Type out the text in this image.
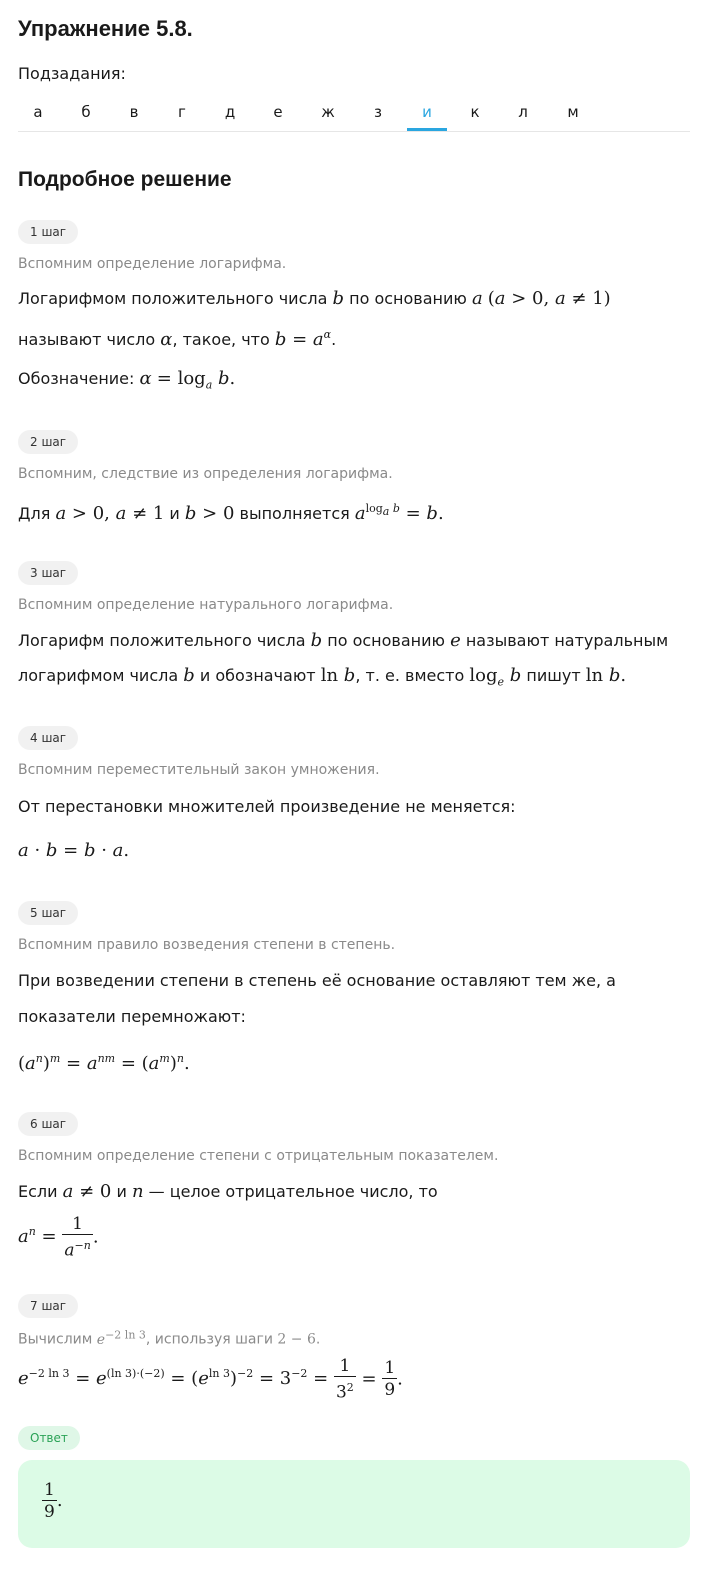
Упражнение 5.8.
Подзадания:
а	б	в	г	д	е	ж	з	и	к	л	м
Подробное решение
1 шаг
Вспомним определение логарифма.
Логарифмом положительного числа b по основанию a (a > 0, a ≠ 1)
называют число α, такое, что $b = a^\alpha$.
Обозначение: $\alpha = \log_a b$.
2 шаг
Вспомним, следствие из определения логарифма.
Для a > 0, a ≠ 1 и b > 0 выполняется $a^{log_a b} = b$.
3 шаг
Вспомним определение натурального логарифма.
Логарифм положительного числа b по основанию e называют натуральным
логарифмом числа b и обозначают ln b, т. е. вместо $\log_e b$ пишут ln b.
4 шаг
Вспомним переместительный закон умножения.
От перестановки множителей произведение не меняется:
a · b = b · a.
5 шаг
Вспомним правило возведения степени в степень.
При возведении степени в степень её основание оставляют тем же, а
показатели перемножают:
$(a^n)^m = a^{nm} = (a^m)^n$.
6 шаг
Вспомним определение степени с отрицательным показателем.
Если a ≠ 0 и n — целое отрицательное число, то
$a^n = \frac{1}{a^{-n}}$ .
7 шаг
Вычислим $e^{-2 ln 3}$, используя шаги 2 − 6.
$e^{-2 ln 3} = e^{(ln 3)\cdot(-2)} = (e^{ln 3})^{-2} = 3^{-2} = \frac{1}{3^2} = \frac{1}{9}$ .
Ответ
$\frac{1}{9}$ .
